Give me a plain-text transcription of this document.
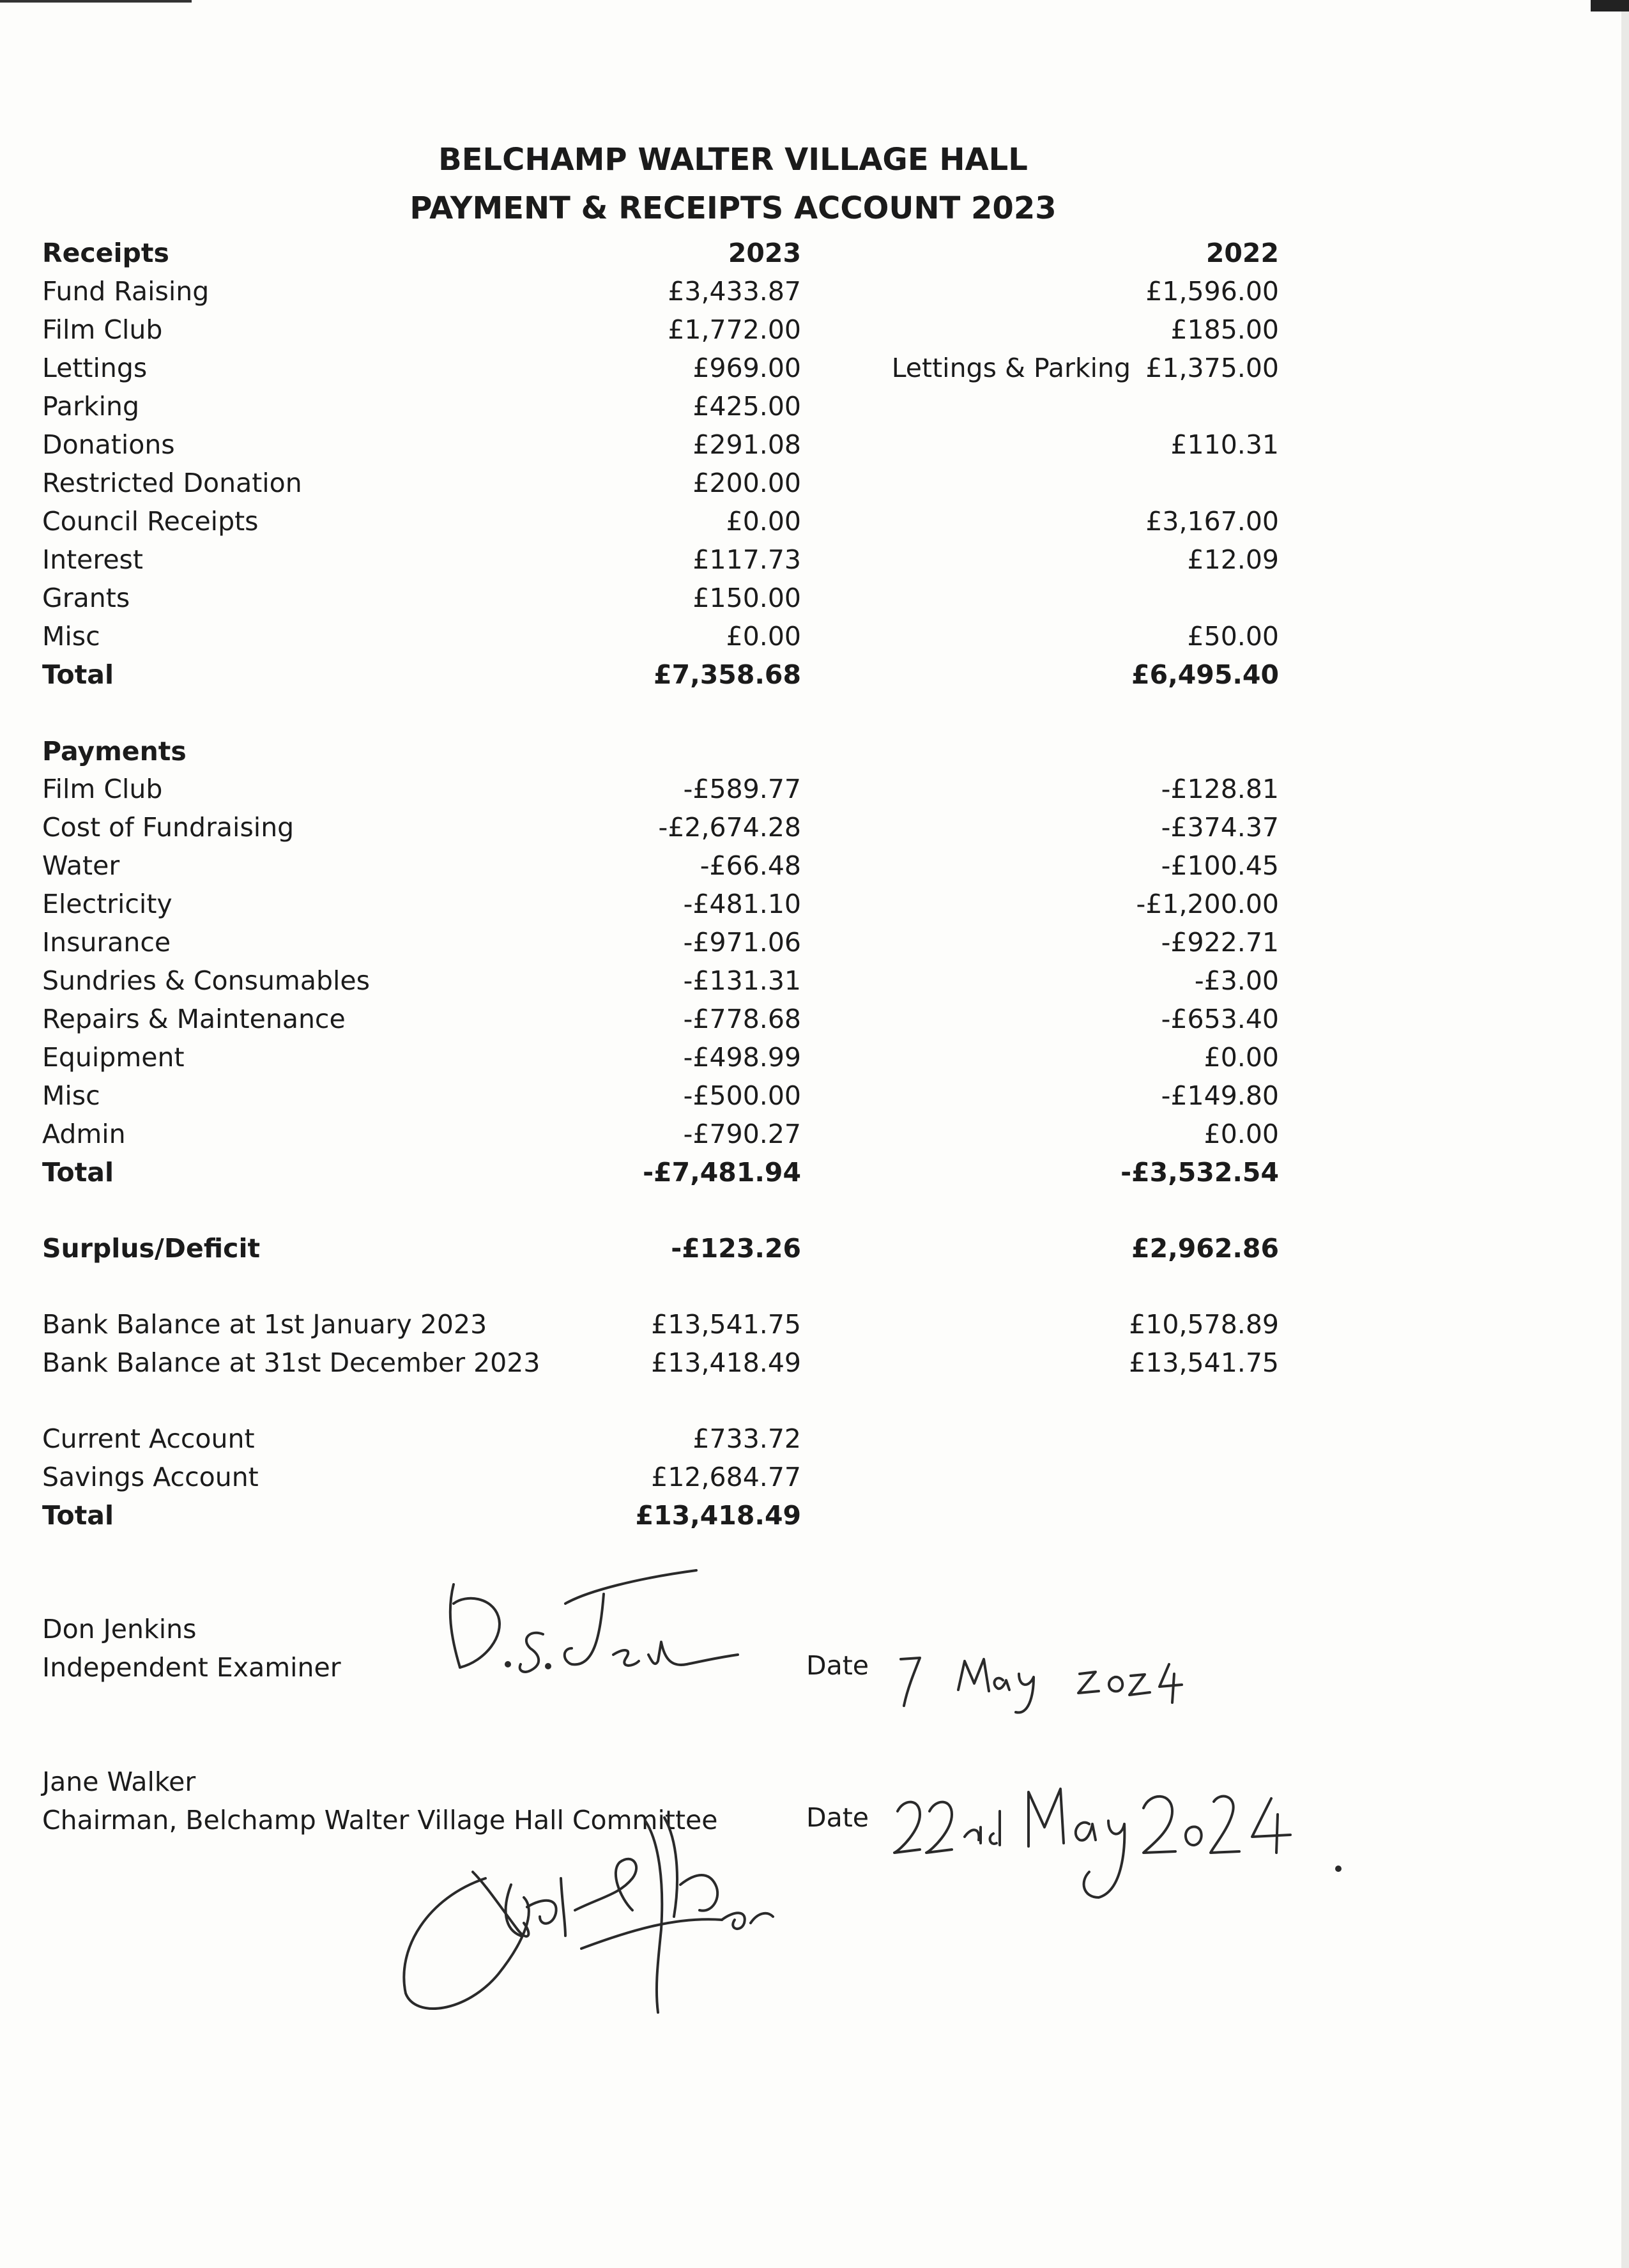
BELCHAMP WALTER VILLAGE HALL
PAYMENT & RECEIPTS ACCOUNT 2023
Receipts	2023	2022
Fund Raising	£3,433.87	£1,596.00
Film Club	£1,772.00	£185.00
Lettings	£969.00	Lettings & Parking £1,375.00
Parking	£425.00
Donations	£291.08	£110.31
Restricted Donation	£200.00
Council Receipts	£0.00	£3,167.00
Interest	£117.73	£12.09
Grants	£150.00
Misc	£0.00	£50.00
Total	£7,358.68	£6,495.40
Payments
Film Club	-£589.77	-£128.81
Cost of Fundraising	-£2,674.28	-£374.37
Water	-£66.48	-£100.45
Electricity	-£481.10	-£1,200.00
Insurance	-£971.06	-£922.71
Sundries & Consumables	-£131.31	-£3.00
Repairs & Maintenance	-£778.68	-£653.40
Equipment	-£498.99	£0.00
Misc	-£500.00	-£149.80
Admin	-£790.27	£0.00
Total	-£7,481.94	-£3,532.54
Surplus/Deficit	-£123.26	£2,962.86
Bank Balance at 1st January 2023	£13,541.75	£10,578.89
Bank Balance at 31st December 2023	£13,418.49	£13,541.75
Current Account	£733.72
Savings Account	£12,684.77
Total	£13,418.49
Don Jenkins
Independent Examiner	Date
Jane Walker
Chairman, Belchamp Walter Village Hall Committee	Date
